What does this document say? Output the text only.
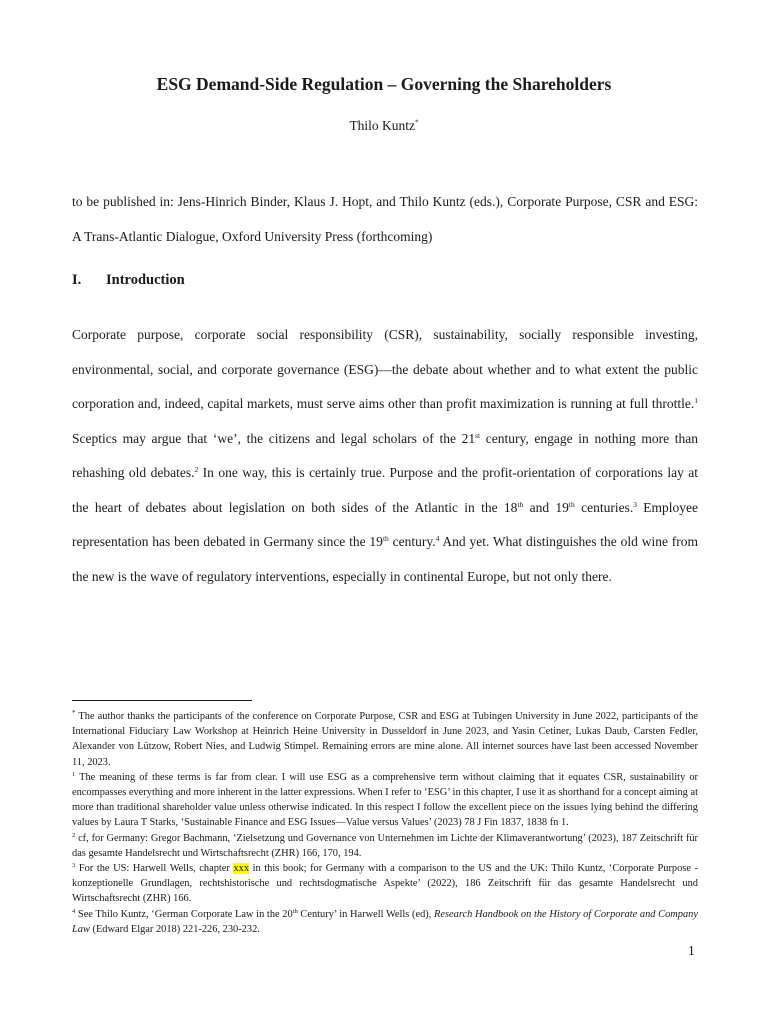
ESG Demand-Side Regulation – Governing the Shareholders
Thilo Kuntz*
to be published in: Jens-Hinrich Binder, Klaus J. Hopt, and Thilo Kuntz (eds.), Corporate Purpose, CSR and ESG: A Trans-Atlantic Dialogue, Oxford University Press (forthcoming)
I. Introduction
Corporate purpose, corporate social responsibility (CSR), sustainability, socially responsible investing, environmental, social, and corporate governance (ESG)—the debate about whether and to what extent the public corporation and, indeed, capital markets, must serve aims other than profit maximization is running at full throttle.$^1$ Sceptics may argue that ‘we’, the citizens and legal scholars of the 21st century, engage in nothing more than rehashing old debates.$^2$ In one way, this is certainly true. Purpose and the profit-orientation of corporations lay at the heart of debates about legislation on both sides of the Atlantic in the 18th and 19th centuries.$^3$ Employee representation has been debated in Germany since the 19th century.$^4$ And yet. What distinguishes the old wine from the new is the wave of regulatory interventions, especially in continental Europe, but not only there.

* The author thanks the participants of the conference on Corporate Purpose, CSR and ESG at Tubingen University in June 2022, participants of the International Fiduciary Law Workshop at Heinrich Heine University in Dusseldorf in June 2023, and Yasin Cetiner, Lukas Daub, Carsten Fedler, Alexander von Lützow, Robert Nies, and Ludwig Stimpel. Remaining errors are mine alone. All internet sources have last been accessed November 11, 2023.

$^1$ The meaning of these terms is far from clear. I will use ESG as a comprehensive term without claiming that it equates CSR, sustainability or encompasses everything and more inherent in the latter expressions. When I refer to ‘ESG’ in this chapter, I use it as shorthand for a concept aiming at more than traditional shareholder value unless otherwise indicated. In this respect I follow the excellent piece on the issues lying behind the differing values by Laura T Starks, ‘Sustainable Finance and ESG Issues—Value versus Values’ (2023) 78 J Fin 1837, 1838 fn 1.

$^2$ cf, for Germany: Gregor Bachmann, ‘Zielsetzung und Governance von Unternehmen im Lichte der Klimaverantwortung’ (2023), 187 Zeitschrift für das gesamte Handelsrecht und Wirtschaftsrecht (ZHR) 166, 170, 194.

$^3$ For the US: Harwell Wells, chapter xxx in this book; for Germany with a comparison to the US and the UK: Thilo Kuntz, ‘Corporate Purpose - konzeptionelle Grundlagen, rechtshistorische und rechtsdogmatische Aspekte’ (2022), 186 Zeitschrift für das gesamte Handelsrecht und Wirtschaftsrecht (ZHR) 166.

$^4$ See Thilo Kuntz, ‘German Corporate Law in the 20th Century’ in Harwell Wells (ed), Research Handbook on the History of Corporate and Company Law (Edward Elgar 2018) 221-226, 230-232.

1
